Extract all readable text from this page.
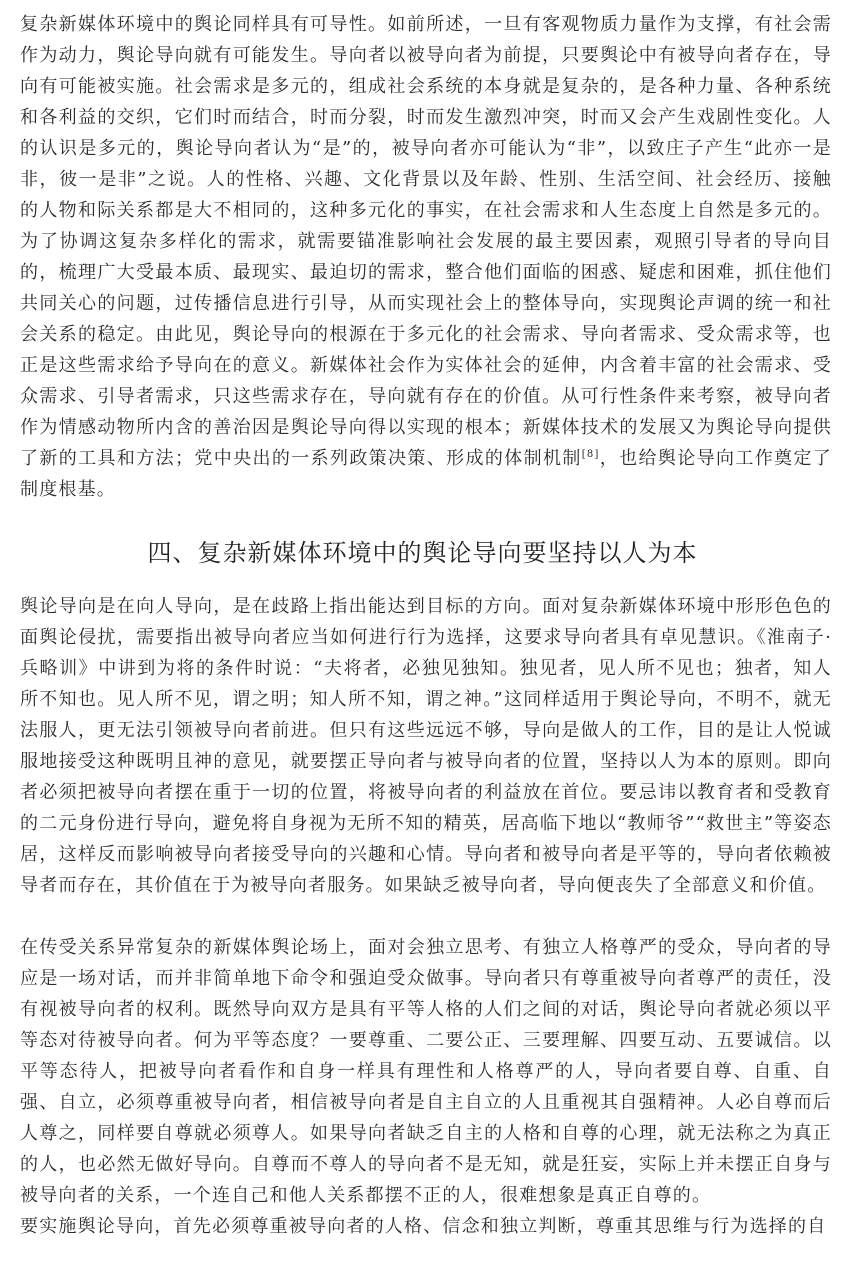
复杂新媒体环境中的舆论同样具有可导性。如前所述，一旦有客观物质力量作为支撑，有社会需作为动力，舆论导向就有可能发生。导向者以被导向者为前提，只要舆论中有被导向者存在，导向有可能被实施。社会需求是多元的，组成社会系统的本身就是复杂的，是各种力量、各种系统和各利益的交织，它们时而结合，时而分裂，时而发生激烈冲突，时而又会产生戏剧性变化。人的认识是多元的，舆论导向者认为“是”的，被导向者亦可能认为“非”，以致庄子产生“此亦一是非，彼一是非”之说。人的性格、兴趣、文化背景以及年龄、性别、生活空间、社会经历、接触的人物和际关系都是大不相同的，这种多元化的事实，在社会需求和人生态度上自然是多元的。为了协调这复杂多样化的需求，就需要锚准影响社会发展的最主要因素，观照引导者的导向目的，梳理广大受最本质、最现实、最迫切的需求，整合他们面临的困惑、疑虑和困难，抓住他们共同关心的问题，过传播信息进行引导，从而实现社会上的整体导向，实现舆论声调的统一和社会关系的稳定。由此见，舆论导向的根源在于多元化的社会需求、导向者需求、受众需求等，也正是这些需求给予导向在的意义。新媒体社会作为实体社会的延伸，内含着丰富的社会需求、受众需求、引导者需求，只这些需求存在，导向就有存在的价值。从可行性条件来考察，被导向者作为情感动物所内含的善治因是舆论导向得以实现的根本；新媒体技术的发展又为舆论导向提供了新的工具和方法；党中央出的一系列政策决策、形成的体制机制[8]，也给舆论导向工作奠定了制度根基。

四、复杂新媒体环境中的舆论导向要坚持以人为本

舆论导向是在向人导向，是在歧路上指出能达到目标的方向。面对复杂新媒体环境中形形色色的面舆论侵扰，需要指出被导向者应当如何进行行为选择，这要求导向者具有卓见慧识。《淮南子·兵略训》中讲到为将的条件时说：“夫将者，必独见独知。独见者，见人所不见也；独者，知人所不知也。见人所不见，谓之明；知人所不知，谓之神。”这同样适用于舆论导向，不明不，就无法服人，更无法引领被导向者前进。但只有这些远远不够，导向是做人的工作，目的是让人悦诚服地接受这种既明且神的意见，就要摆正导向者与被导向者的位置，坚持以人为本的原则。即向者必须把被导向者摆在重于一切的位置，将被导向者的利益放在首位。要忌讳以教育者和受教育的二元身份进行导向，避免将自身视为无所不知的精英，居高临下地以“教师爷”“救世主”等姿态居，这样反而影响被导向者接受导向的兴趣和心情。导向者和被导向者是平等的，导向者依赖被导者而存在，其价值在于为被导向者服务。如果缺乏被导向者，导向便丧失了全部意义和价值。

在传受关系异常复杂的新媒体舆论场上，面对会独立思考、有独立人格尊严的受众，导向者的导应是一场对话，而并非简单地下命令和强迫受众做事。导向者只有尊重被导向者尊严的责任，没有视被导向者的权利。既然导向双方是具有平等人格的人们之间的对话，舆论导向者就必须以平等态对待被导向者。何为平等态度？一要尊重、二要公正、三要理解、四要互动、五要诚信。以平等态待人，把被导向者看作和自身一样具有理性和人格尊严的人，导向者要自尊、自重、自强、自立，必须尊重被导向者，相信被导向者是自主自立的人且重视其自强精神。人必自尊而后人尊之，同样要自尊就必须尊人。如果导向者缺乏自主的人格和自尊的心理，就无法称之为真正的人，也必然无做好导向。自尊而不尊人的导向者不是无知，就是狂妄，实际上并未摆正自身与被导向者的关系，一个连自己和他人关系都摆不正的人，很难想象是真正自尊的。

要实施舆论导向，首先必须尊重被导向者的人格、信念和独立判断，尊重其思维与行为选择的自
